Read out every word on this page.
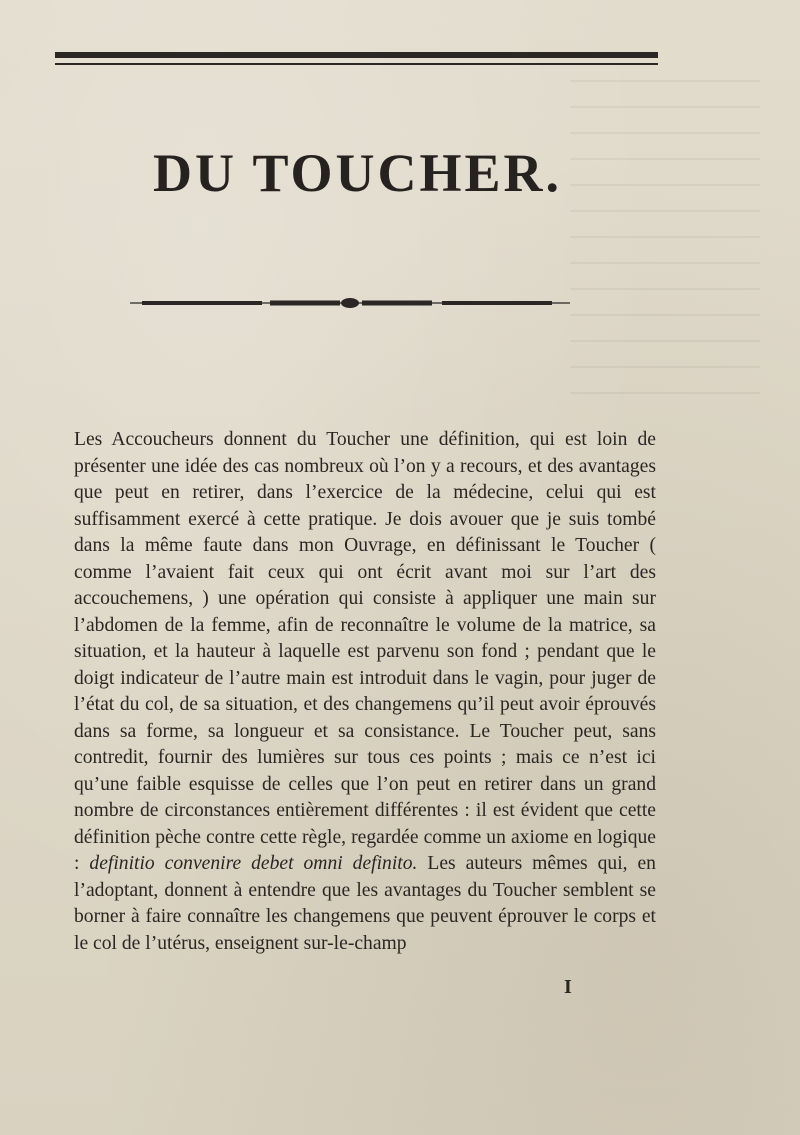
DU TOUCHER.

Les Accoucheurs donnent du Toucher une définition, qui est loin de présenter une idée des cas nombreux où l’on y a recours, et des avantages que peut en retirer, dans l’exercice de la médecine, celui qui est suffisamment exercé à cette pratique. Je dois avouer que je suis tombé dans la même faute dans mon Ouvrage, en définissant le Toucher ( comme l’avaient fait ceux qui ont écrit avant moi sur l’art des accouchemens, ) une opération qui consiste à appliquer une main sur l’abdomen de la femme, afin de reconnaître le volume de la matrice, sa situation, et la hauteur à laquelle est parvenu son fond ; pendant que le doigt indicateur de l’autre main est introduit dans le vagin, pour juger de l’état du col, de sa situation, et des changemens qu’il peut avoir éprouvés dans sa forme, sa longueur et sa consistance. Le Toucher peut, sans contredit, fournir des lumières sur tous ces points ; mais ce n’est ici qu’une faible esquisse de celles que l’on peut en retirer dans un grand nombre de circonstances entièrement différentes : il est évident que cette définition pèche contre cette règle, regardée comme un axiome en logique : definitio convenire debet omni definito. Les auteurs mêmes qui, en l’adoptant, donnent à entendre que les avantages du Toucher semblent se borner à faire connaître les changemens que peuvent éprouver le corps et le col de l’utérus, enseignent sur-le-champ

I
